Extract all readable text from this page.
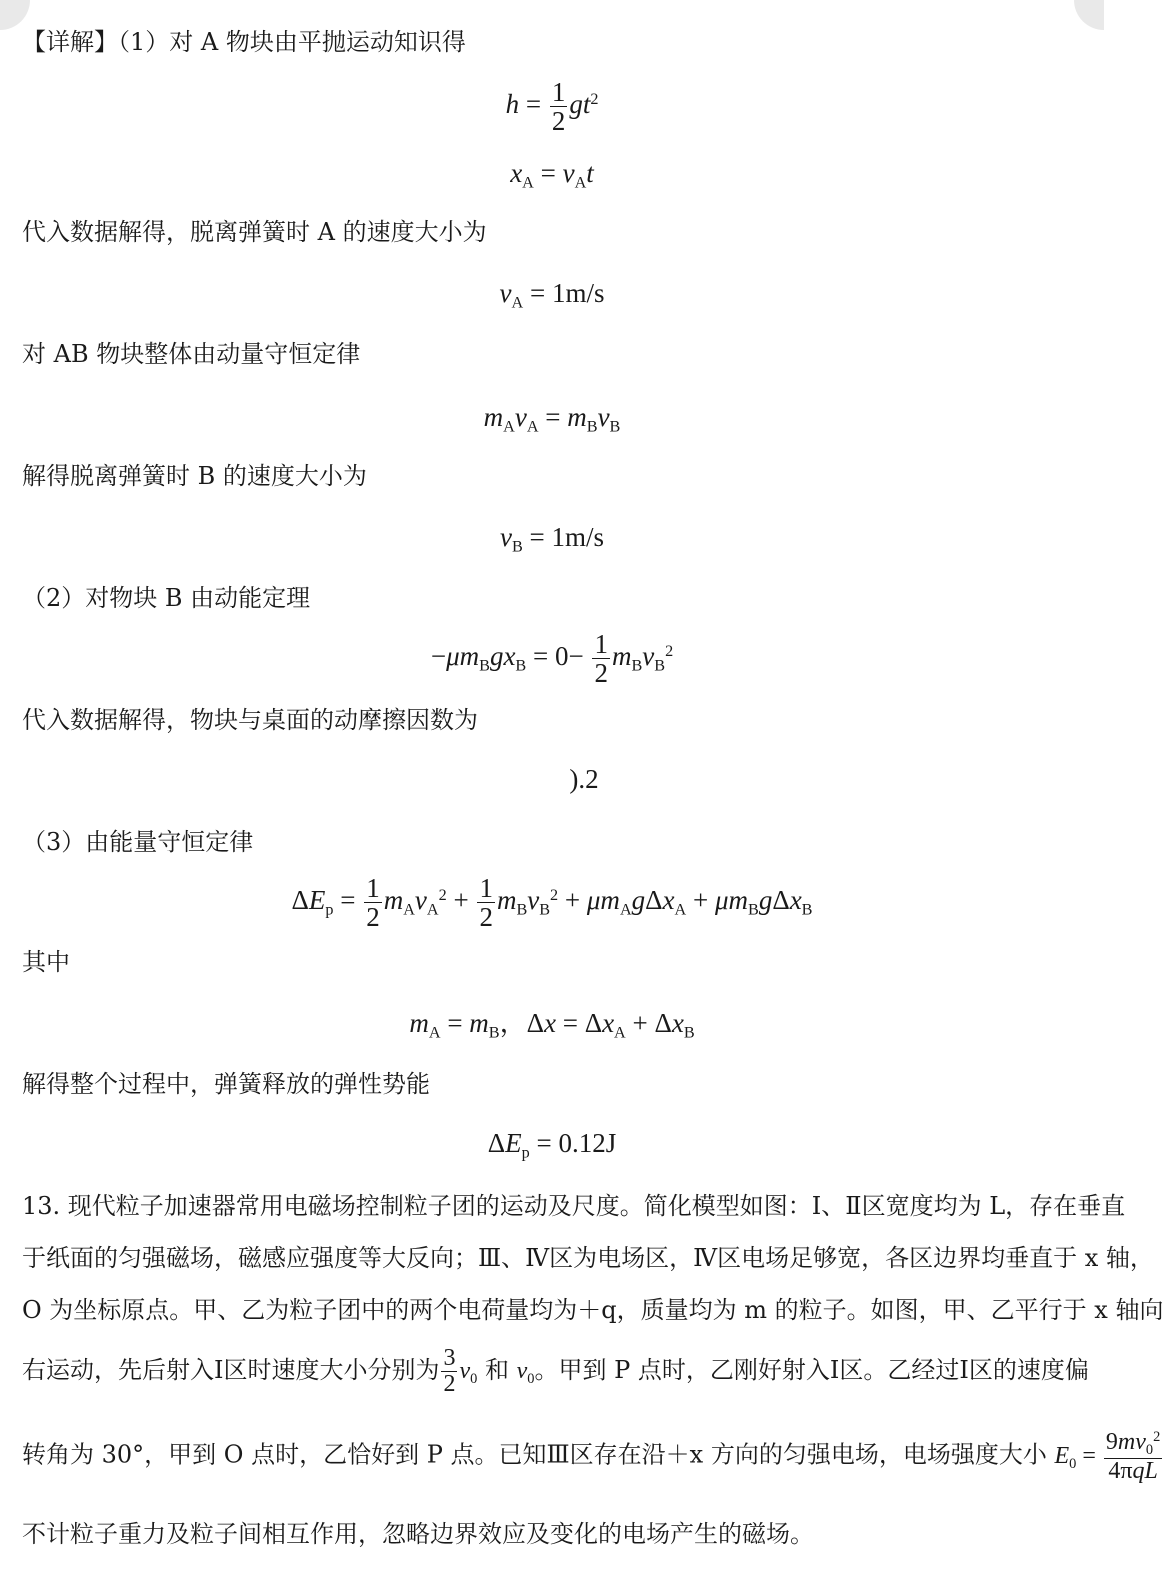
【详解】（1）对 A 物块由平抛运动知识得
$h = \frac{1}{2} gt^2$
$x_A = v_At$
代入数据解得，脱离弹簧时 A 的速度大小为
$v_A = 1m/s$
对 AB 物块整体由动量守恒定律
$m_Av_A = m_Bv_B$
解得脱离弹簧时 B 的速度大小为
$v_B = 1m/s$
（2）对物块 B 由动能定理
$-\mu m_Bgx_B = 0- \frac{1}{2} m_Bv_B^2$
代入数据解得，物块与桌面的动摩擦因数为
).2
（3）由能量守恒定律
$\Delta E_p = \frac{1}{2} m_Av_A^2 + \frac{1}{2} m_Bv_B^2 + \mu m_Ag\Delta x_A + \mu m_Bg\Delta x_B$
其中
$m_A = m_B$，$\Delta x = \Delta x_A + \Delta x_B$
解得整个过程中，弹簧释放的弹性势能
$\Delta E_p = 0.12J$
13. 现代粒子加速器常用电磁场控制粒子团的运动及尺度。简化模型如图：Ⅰ、Ⅱ区宽度均为 L，存在垂直
于纸面的匀强磁场，磁感应强度等大反向；Ⅲ、Ⅳ区为电场区，Ⅳ区电场足够宽，各区边界均垂直于 x 轴，
O 为坐标原点。甲、乙为粒子团中的两个电荷量均为＋q，质量均为 m 的粒子。如图，甲、乙平行于 x 轴向
右运动，先后射入Ⅰ区时速度大小分别为 $\frac{3}{2} v_0$ 和 $v_0$。甲到 P 点时，乙刚好射入Ⅰ区。乙经过Ⅰ区的速度偏
转角为 30°，甲到 O 点时，乙恰好到 P 点。已知Ⅲ区存在沿＋x 方向的匀强电场，电场强度大小 $E_0 = \frac{9mv_0^2}{\text{4πqL}}$
不计粒子重力及粒子间相互作用，忽略边界效应及变化的电场产生的磁场。
